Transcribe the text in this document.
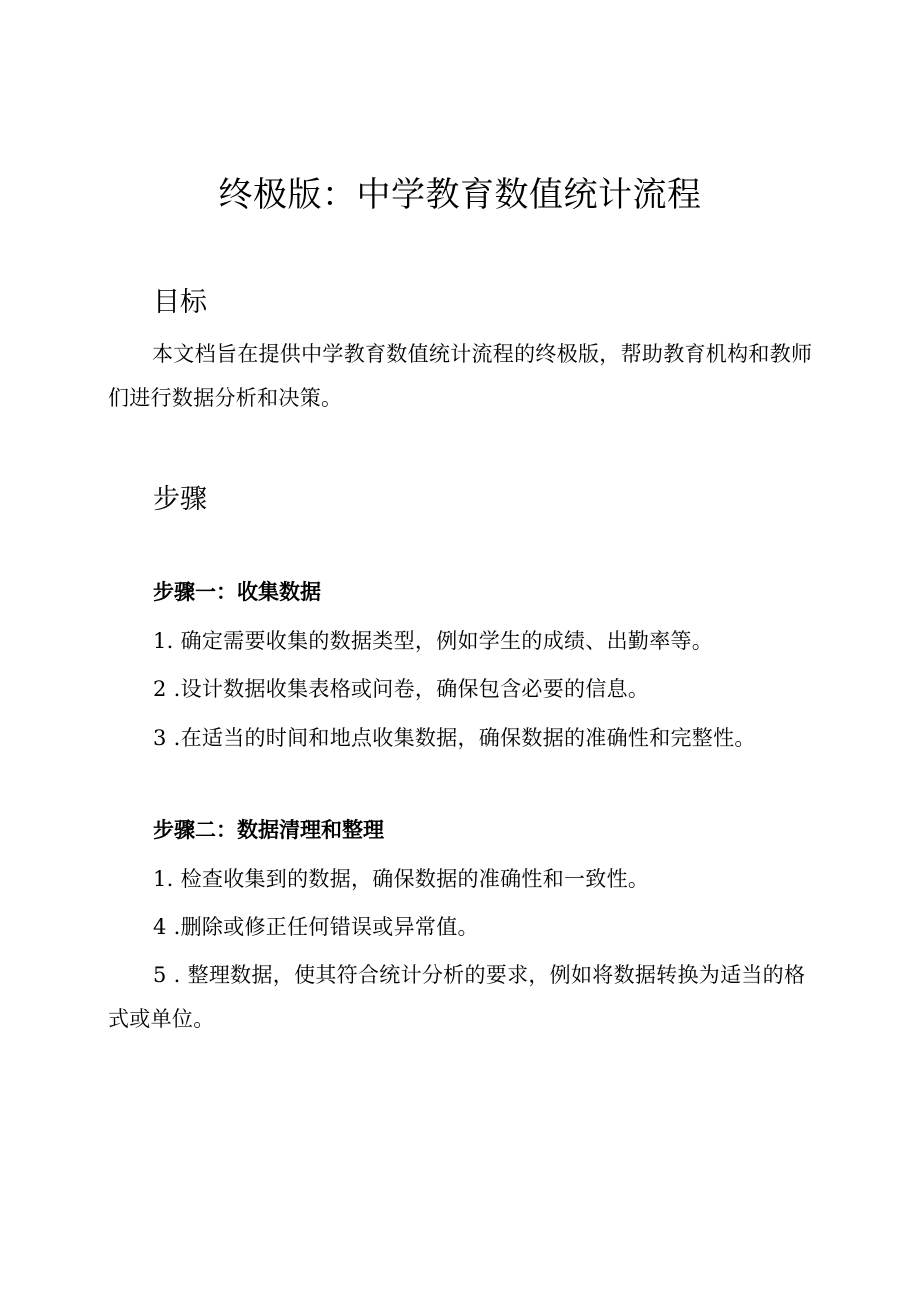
终极版：中学教育数值统计流程
目标

本文档旨在提供中学教育数值统计流程的终极版，帮助教育机构和教师们进行数据分析和决策。

步骤
步骤一：收集数据

1. 确定需要收集的数据类型，例如学生的成绩、出勤率等。

2 .设计数据收集表格或问卷，确保包含必要的信息。

3 .在适当的时间和地点收集数据，确保数据的准确性和完整性。

步骤二：数据清理和整理

1. 检查收集到的数据，确保数据的准确性和一致性。

4 .删除或修正任何错误或异常值。

5 . 整理数据，使其符合统计分析的要求，例如将数据转换为适当的格式或单位。
